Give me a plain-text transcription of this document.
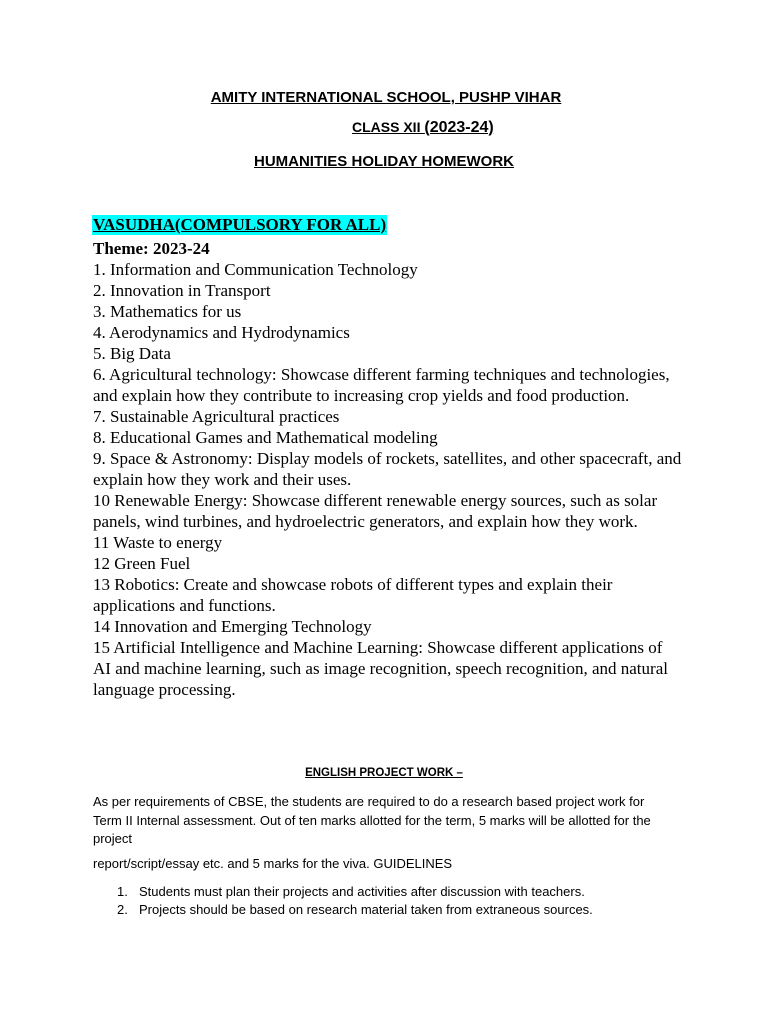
AMITY INTERNATIONAL SCHOOL, PUSHP VIHAR
CLASS XII (2023-24)
HUMANITIES HOLIDAY HOMEWORK
VASUDHA(COMPULSORY FOR ALL)
Theme: 2023-24
1. Information and Communication Technology
2. Innovation in Transport
3. Mathematics for us
4. Aerodynamics and Hydrodynamics
5. Big Data
6. Agricultural technology: Showcase different farming techniques and technologies, and explain how they contribute to increasing crop yields and food production.
7. Sustainable Agricultural practices
8. Educational Games and Mathematical modeling
9. Space & Astronomy: Display models of rockets, satellites, and other spacecraft, and explain how they work and their uses.
10 Renewable Energy: Showcase different renewable energy sources, such as solar panels, wind turbines, and hydroelectric generators, and explain how they work.
11 Waste to energy
12 Green Fuel
13 Robotics: Create and showcase robots of different types and explain their applications and functions.
14 Innovation and Emerging Technology
15 Artificial Intelligence and Machine Learning: Showcase different applications of AI and machine learning, such as image recognition, speech recognition, and natural language processing.
ENGLISH PROJECT WORK –
As per requirements of CBSE, the students are required to do a research based project work for Term II Internal assessment. Out of ten marks allotted for the term, 5 marks will be allotted for the project
report/script/essay etc. and 5 marks for the viva. GUIDELINES
1. Students must plan their projects and activities after discussion with teachers.
2. Projects should be based on research material taken from extraneous sources.
